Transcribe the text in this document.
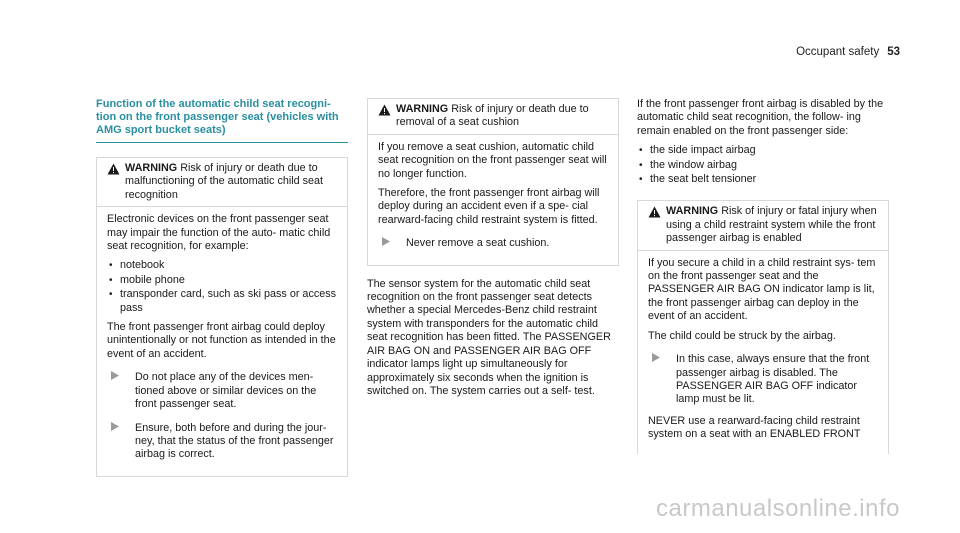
Occupant safety 53
Function of the automatic child seat recogni- tion on the front passenger seat (vehicles with AMG sport bucket seats)
WARNING Risk of injury or death due to malfunctioning of the automatic child seat recognition

Electronic devices on the front passenger seat may impair the function of the auto- matic child seat recognition, for example:

• notebook
• mobile phone
• transponder card, such as ski pass or access pass

The front passenger front airbag could deploy unintentionally or not function as intended in the event of an accident.

Do not place any of the devices men- tioned above or similar devices on the front passenger seat.
Ensure, both before and during the jour- ney, that the status of the front passenger airbag is correct.
WARNING Risk of injury or death due to removal of a seat cushion

If you remove a seat cushion, automatic child seat recognition on the front passenger seat will no longer function.

Therefore, the front passenger front airbag will deploy during an accident even if a spe- cial rearward-facing child restraint system is fitted.

Never remove a seat cushion.

The sensor system for the automatic child seat recognition on the front passenger seat detects whether a special Mercedes-Benz child restraint system with transponders for the automatic child seat recognition has been fitted. The PASSENGER AIR BAG ON and PASSENGER AIR BAG OFF indicator lamps light up simultaneously for approximately six seconds when the ignition is switched on. The system carries out a self- test.

If the front passenger front airbag is disabled by the automatic child seat recognition, the follow- ing remain enabled on the front passenger side:

• the side impact airbag
• the window airbag
• the seat belt tensioner
WARNING Risk of injury or fatal injury when using a child restraint system while the front passenger airbag is enabled

If you secure a child in a child restraint sys- tem on the front passenger seat and the PASSENGER AIR BAG ON indicator lamp is lit, the front passenger airbag can deploy in the event of an accident.

The child could be struck by the airbag.

In this case, always ensure that the front passenger airbag is disabled. The PASSENGER AIR BAG OFF indicator lamp must be lit.

NEVER use a rearward-facing child restraint system on a seat with an ENABLED FRONT

carmanualsonline.info
